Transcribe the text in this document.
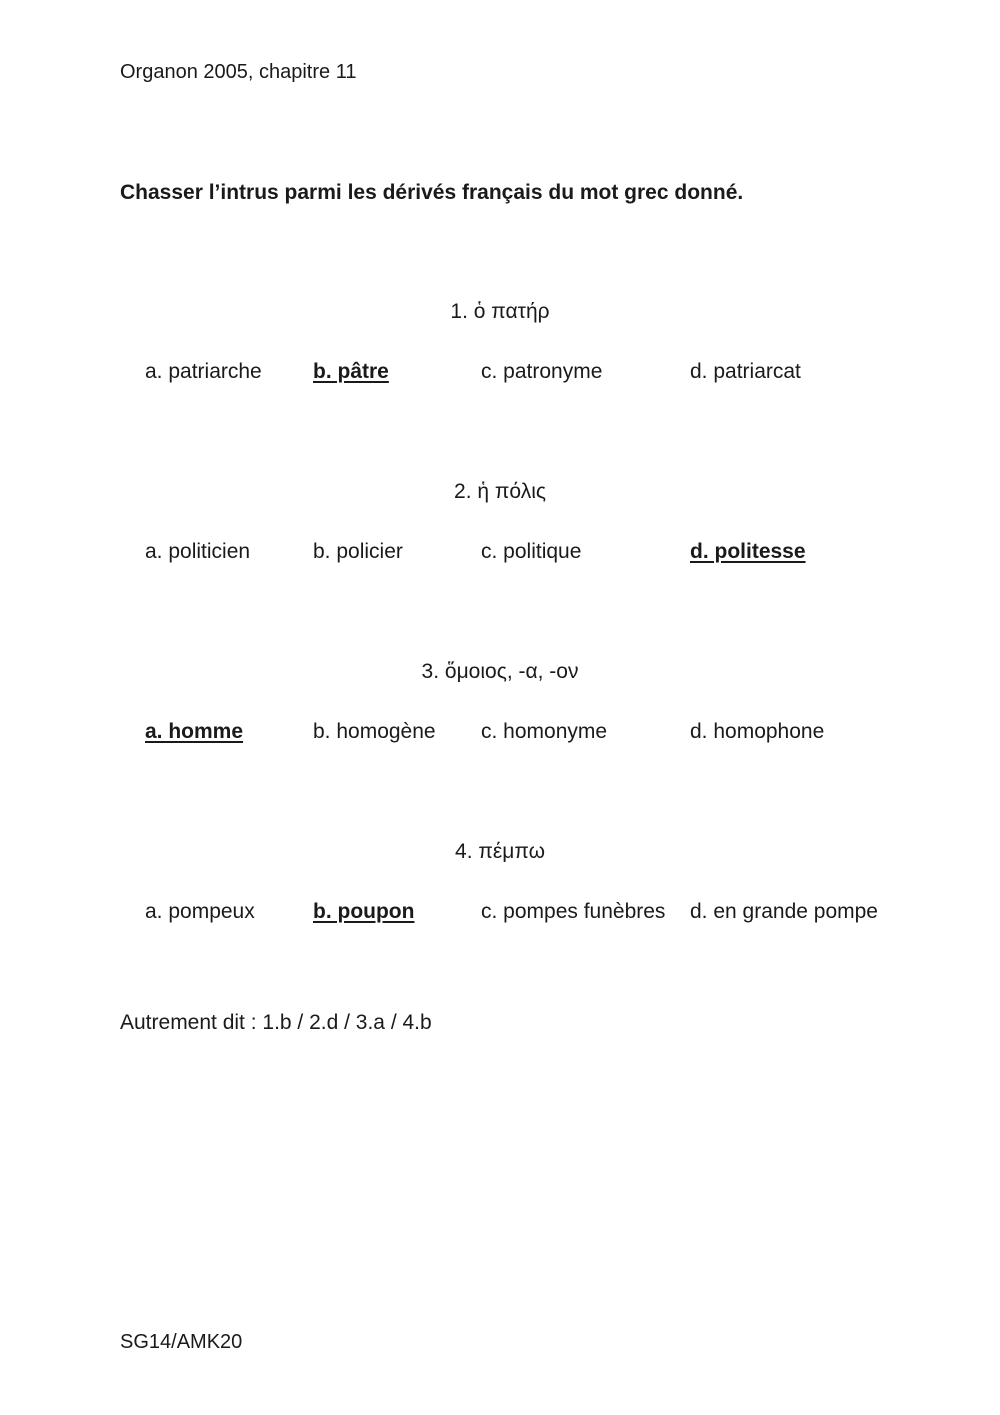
Organon 2005, chapitre 11
Chasser l’intrus parmi les dérivés français du mot grec donné.
1. ὁ πατήρ
a. patriarche b. pâtre	c. patronyme	d. patriarcat
2. ἡ πόλις
a. politicien	b. policier	c. politique	d. politesse
3. ὅμοιος, -α, -ον
a. homme	b. homogène c. homonyme	d. homophone
4. πέμπω
a. pompeux	b. poupon	c. pompes funèbres d. en grande pompe
Autrement dit : 1.b / 2.d / 3.a / 4.b
SG14/AMK20
